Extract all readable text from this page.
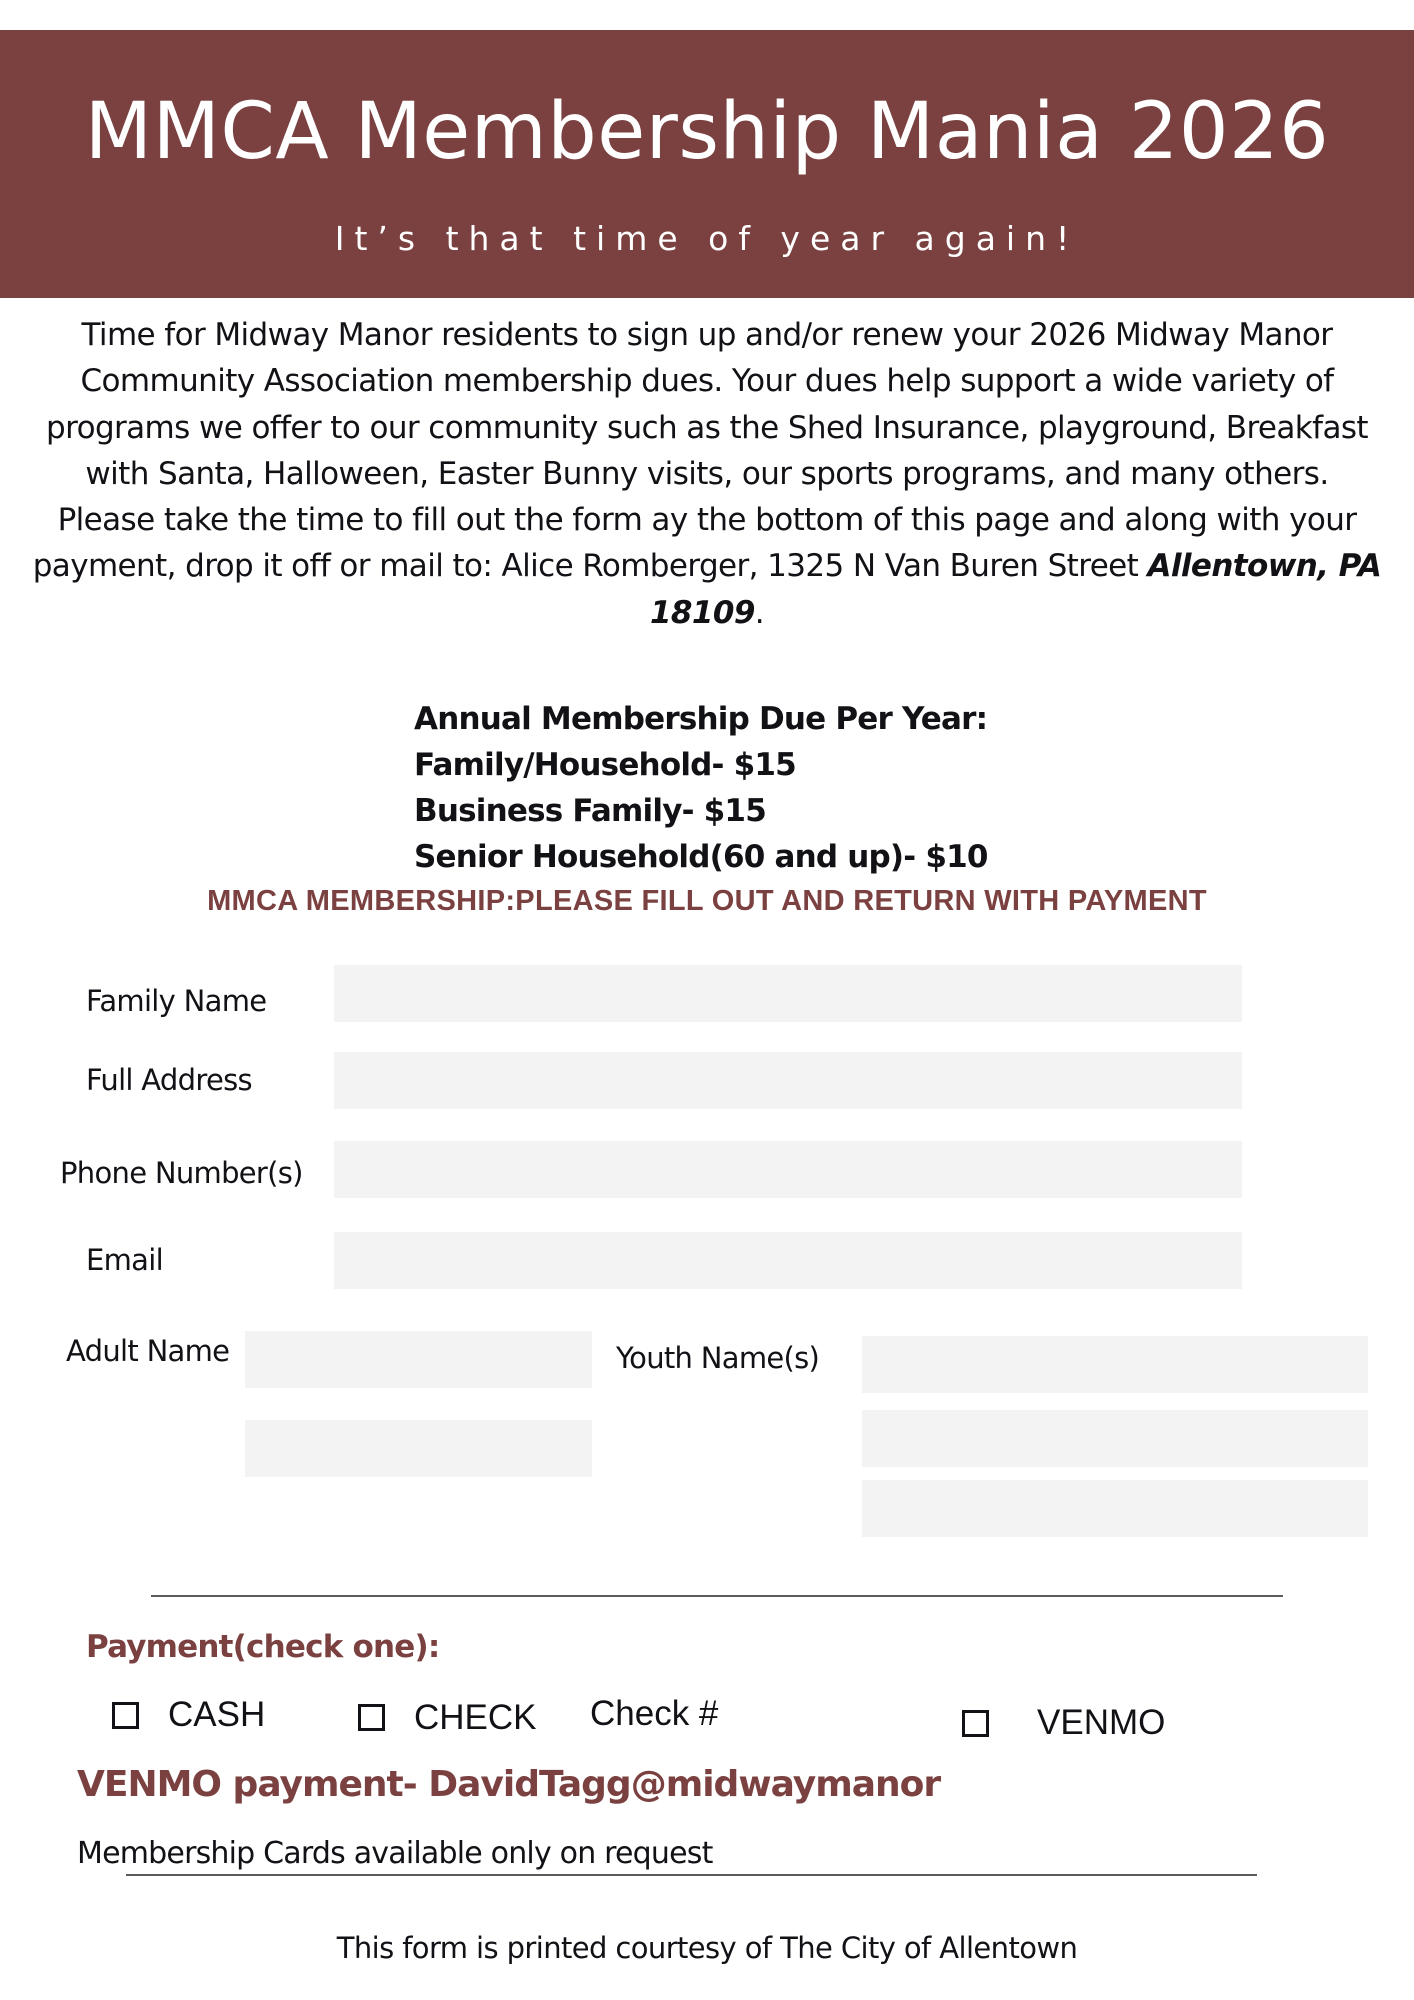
MMCA Membership Mania 2026
It’s that time of year again!

Time for Midway Manor residents to sign up and/or renew your 2026 Midway Manor Community Association membership dues. Your dues help support a wide variety of programs we offer to our community such as the Shed Insurance, playground, Breakfast with Santa, Halloween, Easter Bunny visits, our sports programs, and many others.

Please take the time to fill out the form ay the bottom of this page and along with your payment, drop it off or mail to: Alice Romberger, 1325 N Van Buren Street Allentown, PA 18109.

Annual Membership Due Per Year:
Family/Household- $15
Business Family- $15
Senior Household(60 and up)- $10
MMCA MEMBERSHIP:PLEASE FILL OUT AND RETURN WITH PAYMENT
Family Name
Full Address
Phone Number(s)
Email
Adult Name	Youth Name(s)
Payment(check one):
CASH	CHECK Check #	VENMO
VENMO payment- DavidTagg@midwaymanor
Membership Cards available only on request
This form is printed courtesy of The City of Allentown
